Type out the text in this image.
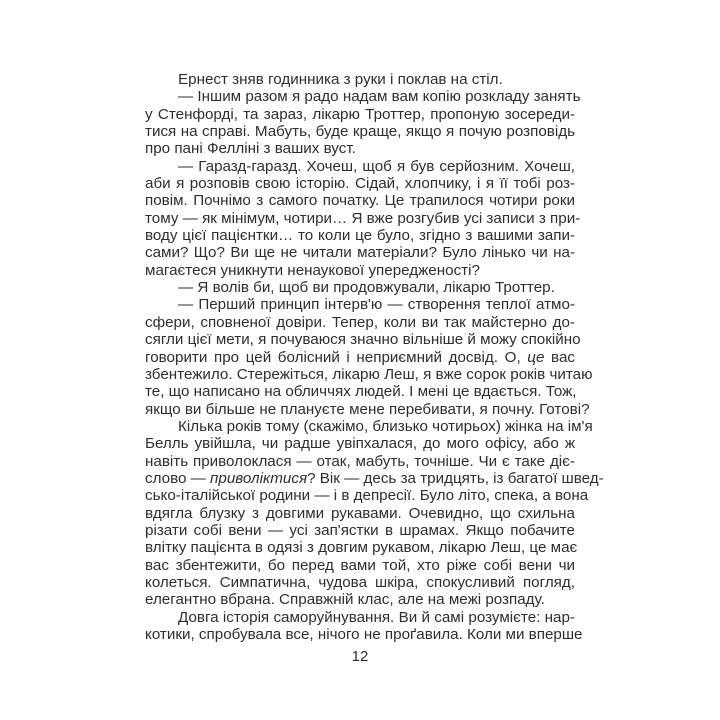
Ернест зняв годинника з руки і поклав на стіл.
— Іншим разом я радо надам вам копію розкладу занять
у Стенфорді, та зараз, лікарю Троттер, пропоную зосереди-
тися на справі. Мабуть, буде краще, якщо я почую розповідь
про пані Фелліні з ваших вуст.
— Гаразд-гаразд. Хочеш, щоб я був серйозним. Хочеш,
аби я розповів свою історію. Сідай, хлопчику, і я її тобі роз-
повім. Почнімо з самого початку. Це трапилося чотири роки
тому — як мінімум, чотири… Я вже розгубив усі записи з при-
воду цієї пацієнтки… то коли це було, згідно з вашими запи-
сами? Що? Ви ще не читали матеріали? Було лінько чи на-
магаєтеся уникнути ненаукової упередженості?
— Я волів би, щоб ви продовжували, лікарю Троттер.
— Перший принцип інтерв'ю — створення теплої атмо-
сфери, сповненої довіри. Тепер, коли ви так майстерно до-
сягли цієї мети, я почуваюся значно вільніше й можу спокійно
говорити про цей болісний і неприємний досвід. О, це вас
збентежило. Стережіться, лікарю Леш, я вже сорок років читаю
те, що написано на обличчях людей. І мені це вдається. Тож,
якщо ви більше не плануєте мене перебивати, я почну. Готові?
Кілька років тому (скажімо, близько чотирьох) жінка на ім'я
Белль увійшла, чи радше увіпхалася, до мого офісу, або ж
навіть приволоклася — отак, мабуть, точніше. Чи є таке діє-
слово — приволіктися? Вік — десь за тридцять, із багатої швед-
сько-італійської родини — і в депресії. Було літо, спека, а вона
вдягла блузку з довгими рукавами. Очевидно, що схильна
різати собі вени — усі зап'ястки в шрамах. Якщо побачите
влітку пацієнта в одязі з довгим рукавом, лікарю Леш, це має
вас збентежити, бо перед вами той, хто ріже собі вени чи
колеться. Симпатична, чудова шкіра, спокусливий погляд,
елегантно вбрана. Справжній клас, але на межі розпаду.
Довга історія саморуйнування. Ви й самі розумієте: нар-
котики, спробувала все, нічого не проґавила. Коли ми вперше
12
